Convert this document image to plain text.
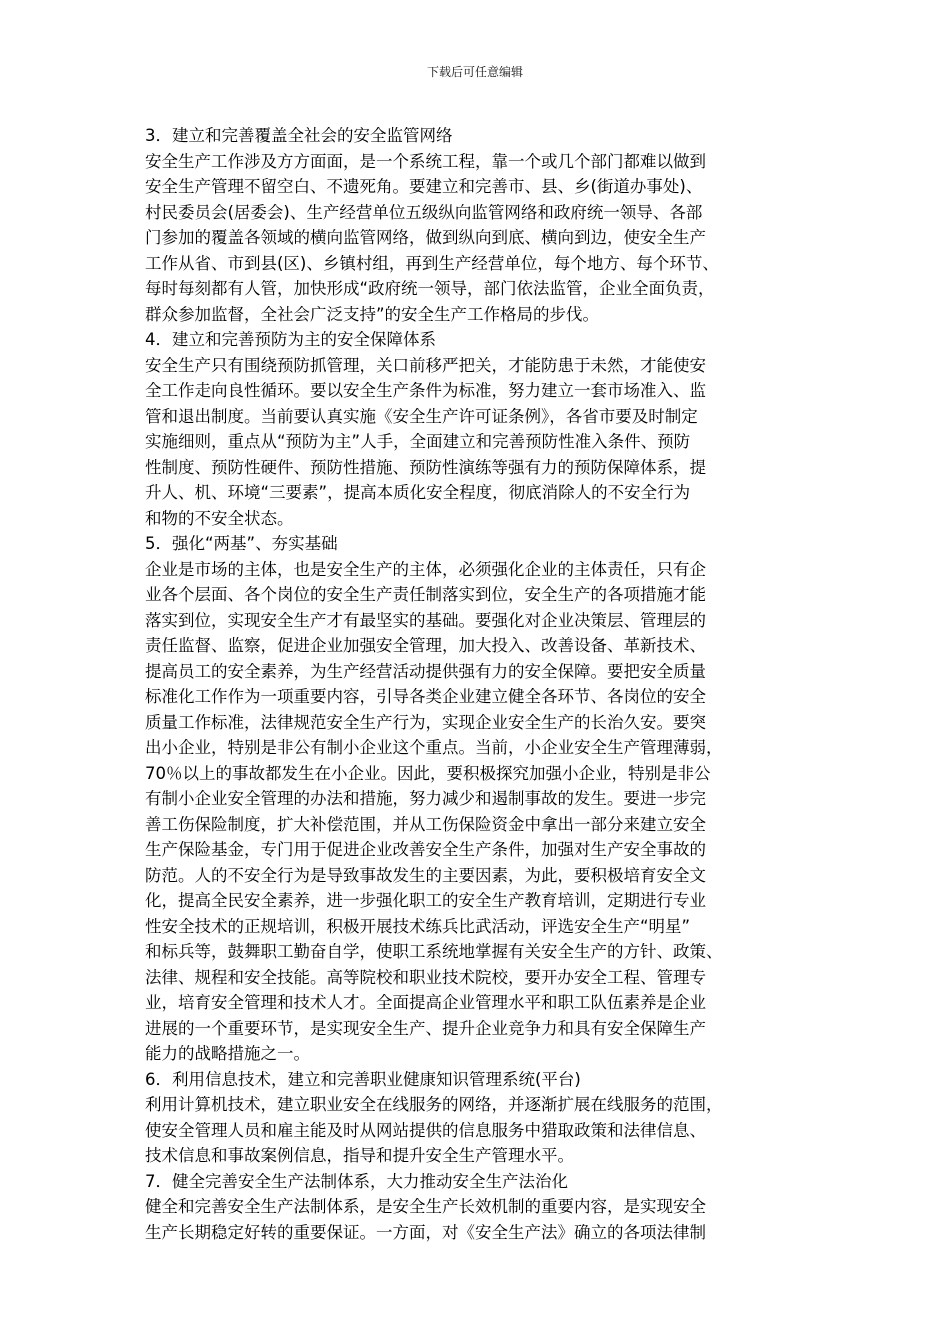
下载后可任意编辑
3．建立和完善覆盖全社会的安全监管网络
安全生产工作涉及方方面面，是一个系统工程，靠一个或几个部门都难以做到
安全生产管理不留空白、不遗死角。要建立和完善市、县、乡(街道办事处)、
村民委员会(居委会)、生产经营单位五级纵向监管网络和政府统一领导、各部
门参加的覆盖各领域的横向监管网络，做到纵向到底、横向到边，使安全生产
工作从省、市到县(区)、乡镇村组，再到生产经营单位，每个地方、每个环节、
每时每刻都有人管，加快形成“政府统一领导，部门依法监管，企业全面负责，
群众参加监督，全社会广泛支持”的安全生产工作格局的步伐。
4．建立和完善预防为主的安全保障体系
安全生产只有围绕预防抓管理，关口前移严把关，才能防患于未然，才能使安
全工作走向良性循环。要以安全生产条件为标准，努力建立一套市场准入、监
管和退出制度。当前要认真实施《安全生产许可证条例》，各省市要及时制定
实施细则，重点从“预防为主”人手，全面建立和完善预防性准入条件、预防
性制度、预防性硬件、预防性措施、预防性演练等强有力的预防保障体系，提
升人、机、环境“三要素”，提高本质化安全程度，彻底消除人的不安全行为
和物的不安全状态。
5．强化“两基”、夯实基础
企业是市场的主体，也是安全生产的主体，必须强化企业的主体责任，只有企
业各个层面、各个岗位的安全生产责任制落实到位，安全生产的各项措施才能
落实到位，实现安全生产才有最坚实的基础。要强化对企业决策层、管理层的
责任监督、监察，促进企业加强安全管理，加大投入、改善设备、革新技术、
提高员工的安全素养，为生产经营活动提供强有力的安全保障。要把安全质量
标准化工作作为一项重要内容，引导各类企业建立健全各环节、各岗位的安全
质量工作标准，法律规范安全生产行为，实现企业安全生产的长治久安。要突
出小企业，特别是非公有制小企业这个重点。当前，小企业安全生产管理薄弱，
70％以上的事故都发生在小企业。因此，要积极探究加强小企业，特别是非公
有制小企业安全管理的办法和措施，努力减少和遏制事故的发生。要进一步完
善工伤保险制度，扩大补偿范围，并从工伤保险资金中拿出一部分来建立安全
生产保险基金，专门用于促进企业改善安全生产条件，加强对生产安全事故的
防范。人的不安全行为是导致事故发生的主要因素，为此，要积极培育安全文
化，提高全民安全素养，进一步强化职工的安全生产教育培训，定期进行专业
性安全技术的正规培训，积极开展技术练兵比武活动，评选安全生产“明星”
和标兵等，鼓舞职工勤奋自学，使职工系统地掌握有关安全生产的方针、政策、
法律、规程和安全技能。高等院校和职业技术院校，要开办安全工程、管理专
业，培育安全管理和技术人才。全面提高企业管理水平和职工队伍素养是企业
进展的一个重要环节，是实现安全生产、提升企业竞争力和具有安全保障生产
能力的战略措施之一。
6．利用信息技术，建立和完善职业健康知识管理系统(平台)
利用计算机技术，建立职业安全在线服务的网络，并逐渐扩展在线服务的范围，
使安全管理人员和雇主能及时从网站提供的信息服务中猎取政策和法律信息、
技术信息和事故案例信息，指导和提升安全生产管理水平。
7．健全完善安全生产法制体系，大力推动安全生产法治化
健全和完善安全生产法制体系，是安全生产长效机制的重要内容，是实现安全
生产长期稳定好转的重要保证。一方面，对《安全生产法》确立的各项法律制
